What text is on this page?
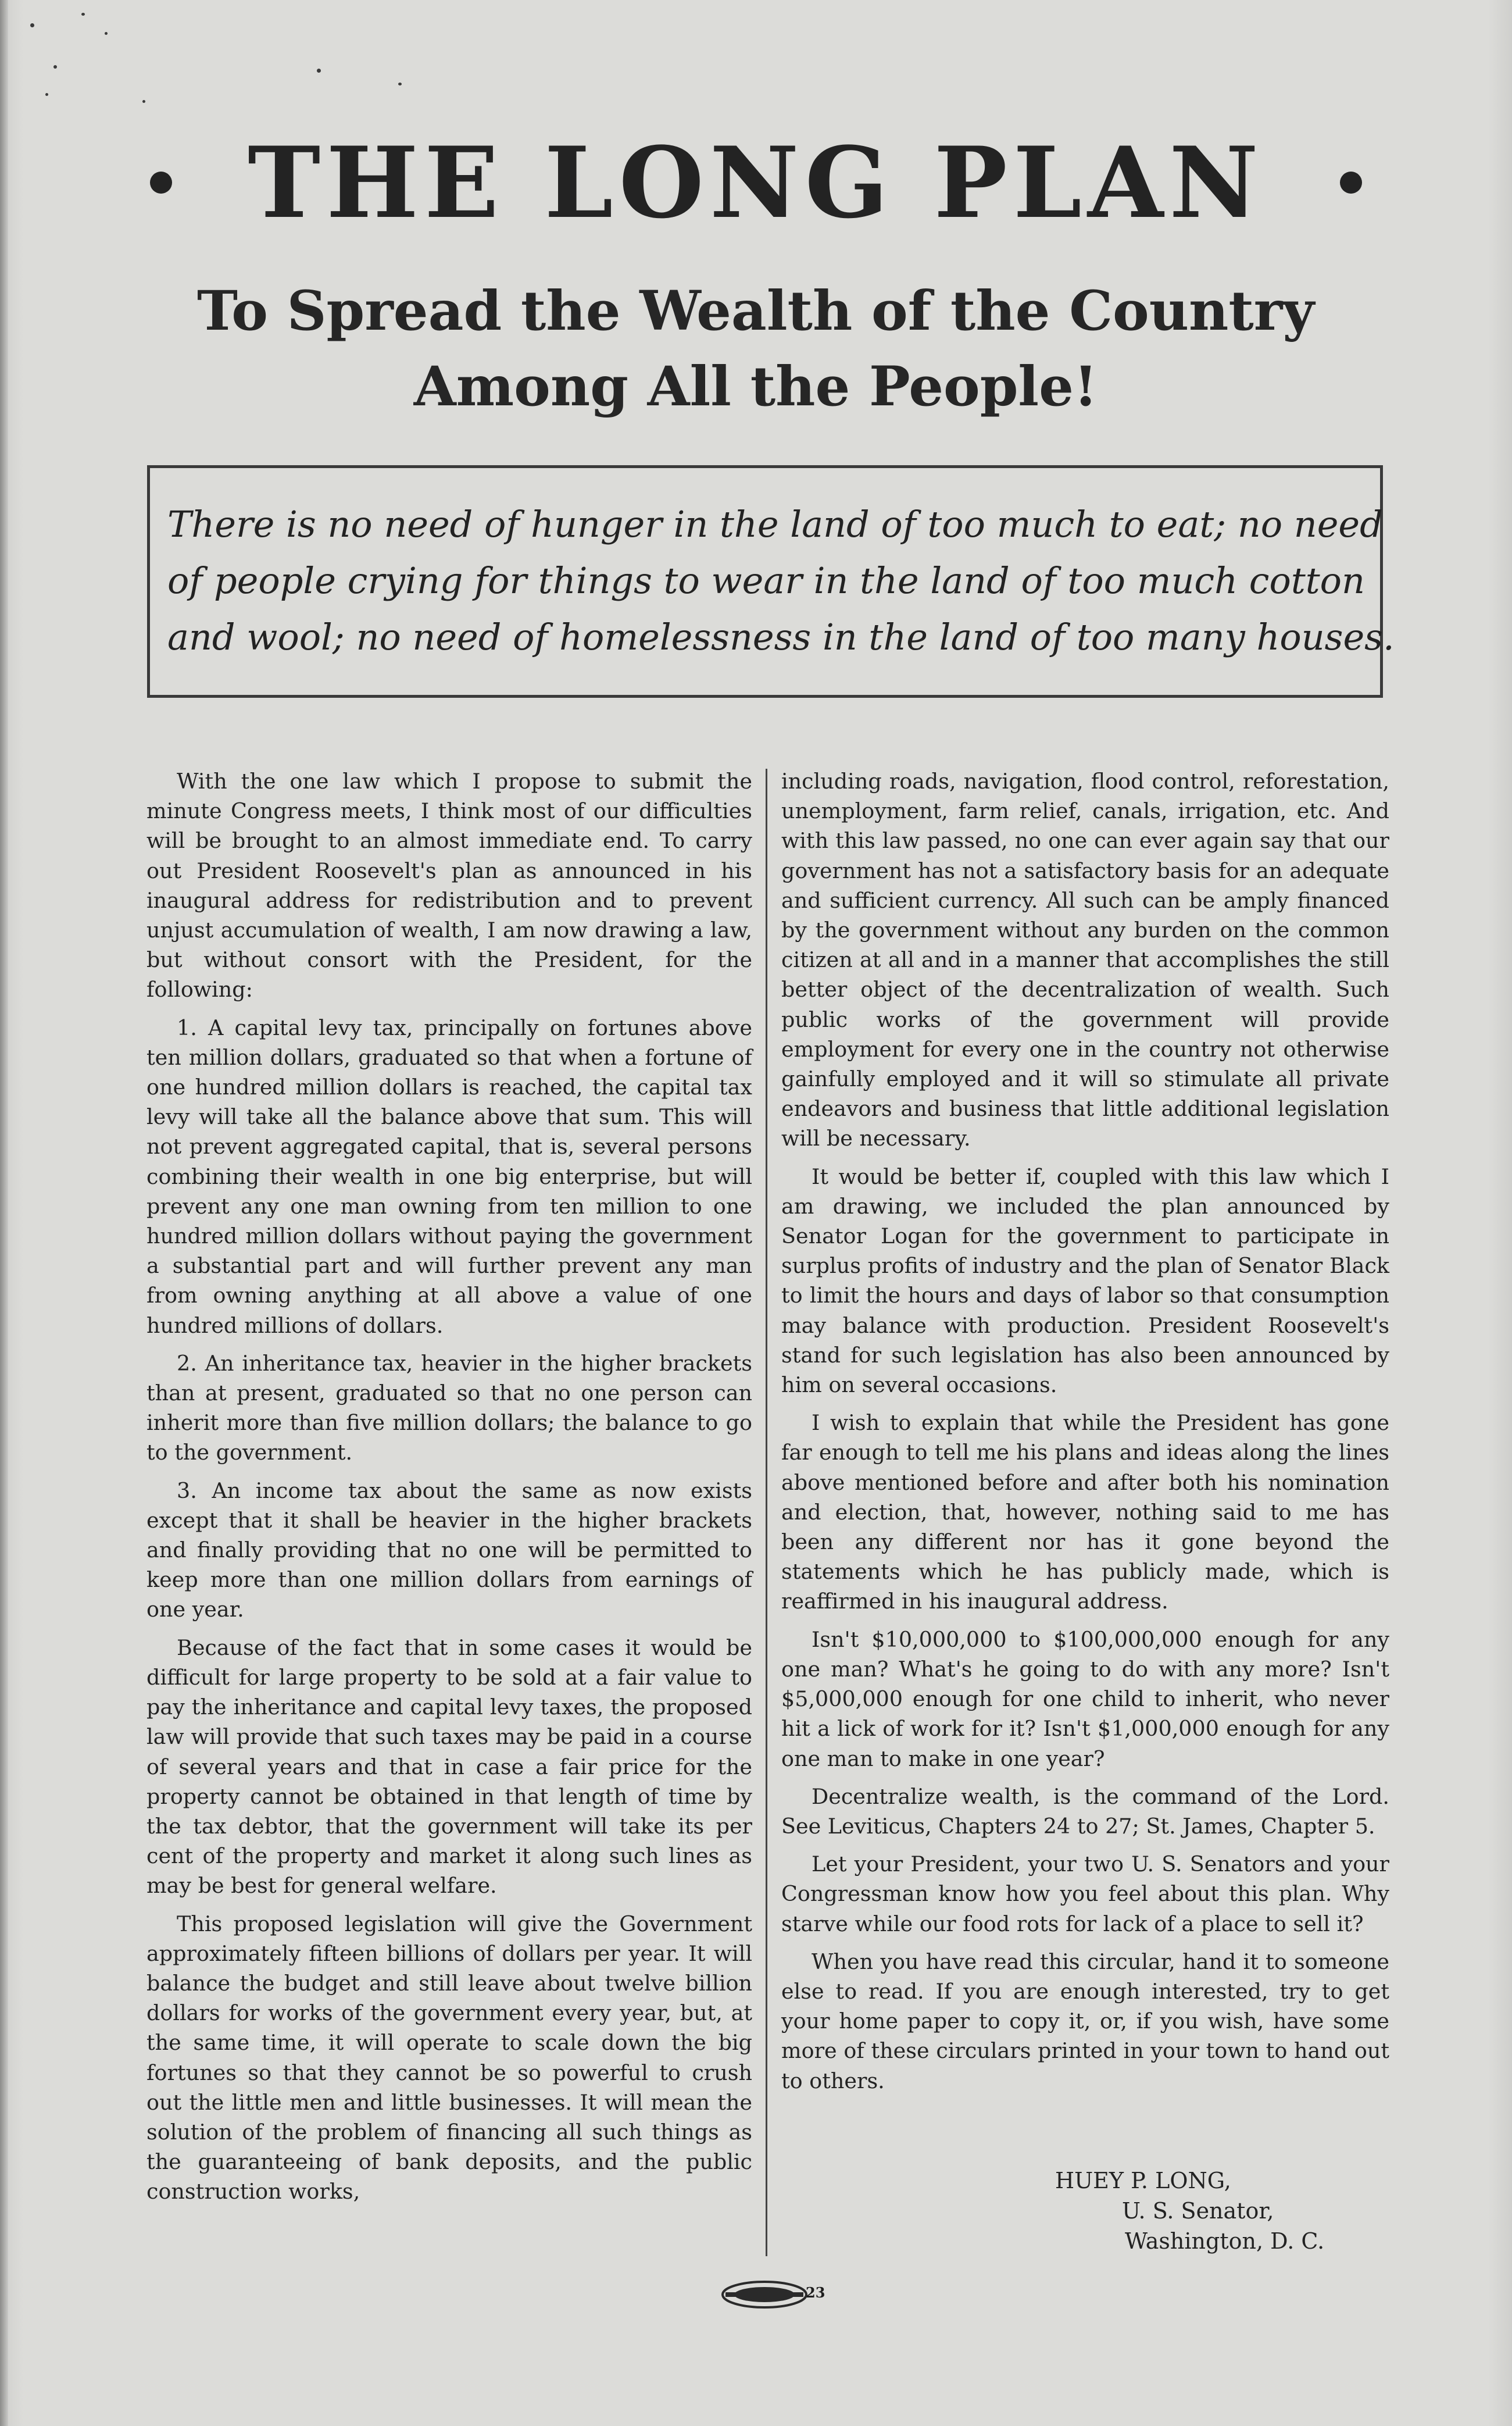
THE LONG PLAN
To Spread the Wealth of the Country
Among All the People!
There is no need of hunger in the land of too much to eat; no need
of people crying for things to wear in the land of too much cotton
and wool; no need of homelessness in the land of too many houses.

With the one law which I propose to submit the minute Congress meets, I think most of our difficulties will be brought to an almost immediate end. To carry out President Roosevelt's plan as announced in his inaugural address for redistribution and to prevent unjust accumulation of wealth, I am now drawing a law, but without consort with the President, for the following:

1. A capital levy tax, principally on fortunes above ten million dollars, graduated so that when a fortune of one hundred million dollars is reached, the capital tax levy will take all the balance above that sum. This will not prevent aggregated capital, that is, several persons combining their wealth in one big enterprise, but will prevent any one man owning from ten million to one hundred million dollars without paying the government a substantial part and will further prevent any man from owning anything at all above a value of one hundred millions of dollars.

2. An inheritance tax, heavier in the higher brackets than at present, graduated so that no one person can inherit more than five million dollars; the balance to go to the government.

3. An income tax about the same as now exists except that it shall be heavier in the higher brackets and finally providing that no one will be permitted to keep more than one million dollars from earnings of one year.

Because of the fact that in some cases it would be difficult for large property to be sold at a fair value to pay the inheritance and capital levy taxes, the proposed law will provide that such taxes may be paid in a course of several years and that in case a fair price for the property cannot be obtained in that length of time by the tax debtor, that the government will take its per cent of the property and market it along such lines as may be best for general welfare.

This proposed legislation will give the Government approximately fifteen billions of dollars per year. It will balance the budget and still leave about twelve billion dollars for works of the government every year, but, at the same time, it will operate to scale down the big fortunes so that they cannot be so powerful to crush out the little men and little businesses. It will mean the solution of the problem of financing all such things as the guaranteeing of bank deposits, and the public construction works,

including roads, navigation, flood control, reforestation, unemployment, farm relief, canals, irrigation, etc. And with this law passed, no one can ever again say that our government has not a satisfactory basis for an adequate and sufficient currency. All such can be amply financed by the government without any burden on the common citizen at all and in a manner that accomplishes the still better object of the decentralization of wealth. Such public works of the government will provide employment for every one in the country not otherwise gainfully employed and it will so stimulate all private endeavors and business that little additional legislation will be necessary.

It would be better if, coupled with this law which I am drawing, we included the plan announced by Senator Logan for the government to participate in surplus profits of industry and the plan of Senator Black to limit the hours and days of labor so that consumption may balance with production. President Roosevelt's stand for such legislation has also been announced by him on several occasions.

I wish to explain that while the President has gone far enough to tell me his plans and ideas along the lines above mentioned before and after both his nomination and election, that, however, nothing said to me has been any different nor has it gone beyond the statements which he has publicly made, which is reaffirmed in his inaugural address.

Isn't $10,000,000 to $100,000,000 enough for any one man? What's he going to do with any more? Isn't $5,000,000 enough for one child to inherit, who never hit a lick of work for it? Isn't $1,000,000 enough for any one man to make in one year?

Decentralize wealth, is the command of the Lord. See Leviticus, Chapters 24 to 27; St. James, Chapter 5.

Let your President, your two U. S. Senators and your Congressman know how you feel about this plan. Why starve while our food rots for lack of a place to sell it?

When you have read this circular, hand it to someone else to read. If you are enough interested, try to get your home paper to copy it, or, if you wish, have some more of these circulars printed in your town to hand out to others.

HUEY P. LONG,
U. S. Senator,
Washington, D. C.
23
